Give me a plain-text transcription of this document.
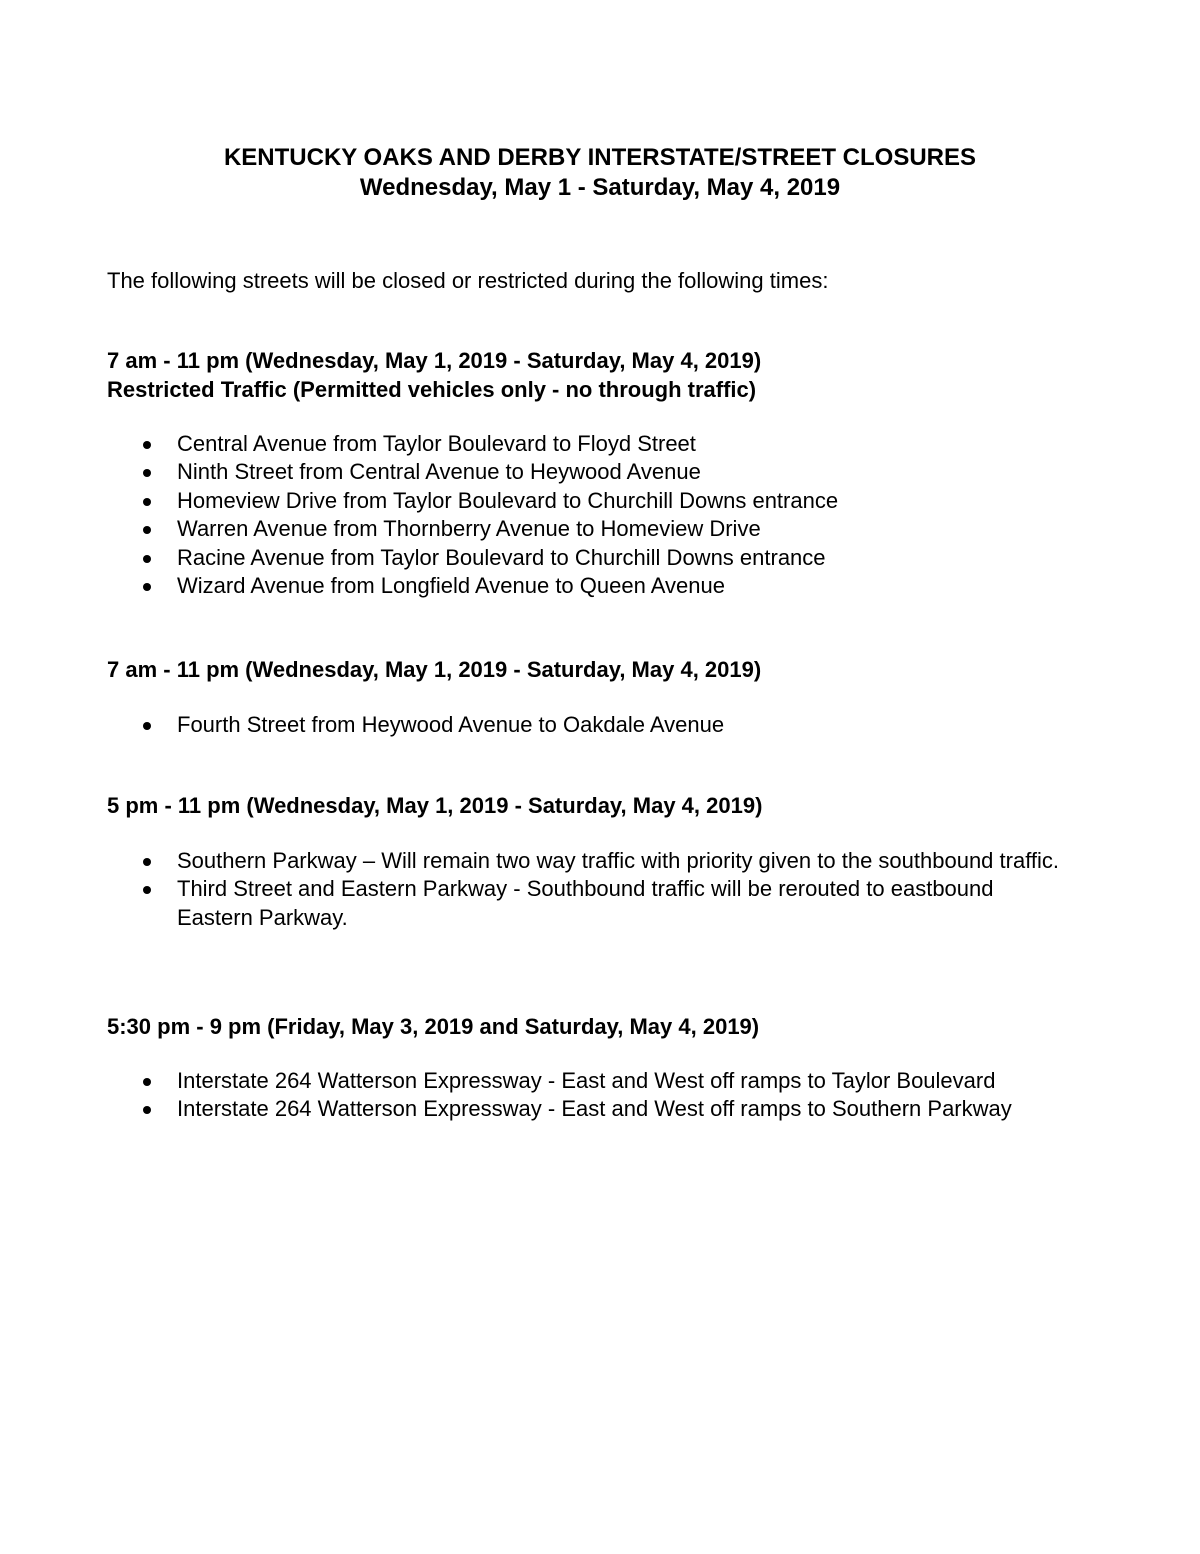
KENTUCKY OAKS AND DERBY INTERSTATE/STREET CLOSURES
Wednesday, May 1 - Saturday, May 4, 2019

The following streets will be closed or restricted during the following times:

7 am - 11 pm (Wednesday, May 1, 2019 - Saturday, May 4, 2019)

Restricted Traffic (Permitted vehicles only - no through traffic)

Central Avenue from Taylor Boulevard to Floyd Street
Ninth Street from Central Avenue to Heywood Avenue
Homeview Drive from Taylor Boulevard to Churchill Downs entrance
Warren Avenue from Thornberry Avenue to Homeview Drive
Racine Avenue from Taylor Boulevard to Churchill Downs entrance
Wizard Avenue from Longfield Avenue to Queen Avenue

7 am - 11 pm (Wednesday, May 1, 2019 - Saturday, May 4, 2019)

Fourth Street from Heywood Avenue to Oakdale Avenue

5 pm - 11 pm (Wednesday, May 1, 2019 - Saturday, May 4, 2019)

Southern Parkway – Will remain two way traffic with priority given to the southbound traffic.
Third Street and Eastern Parkway - Southbound traffic will be rerouted to eastbound Eastern Parkway.

5:30 pm - 9 pm (Friday, May 3, 2019 and Saturday, May 4, 2019)

Interstate 264 Watterson Expressway - East and West off ramps to Taylor Boulevard
Interstate 264 Watterson Expressway - East and West off ramps to Southern Parkway
